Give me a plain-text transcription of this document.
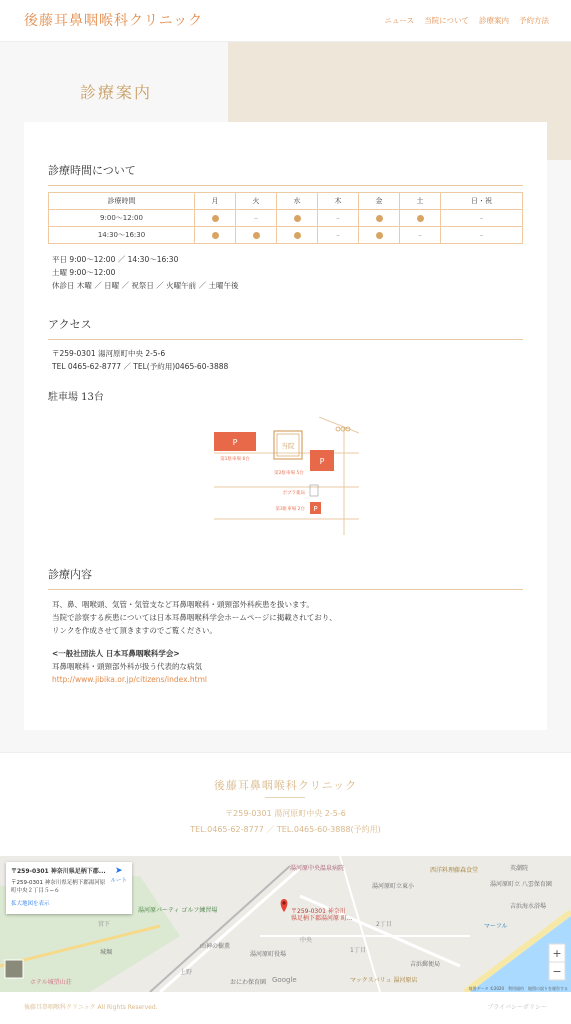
後藤耳鼻咽喉科クリニック	ニュース 当院について 診療案内 予約方法
診療案内
診療時間について
診療時間	月	火	水	木	金	土	日・祝
9:00〜12:00		–		–			–
14:30〜16:30				–		–	–
平日 9:00〜12:00 ／ 14:30〜16:30
土曜 9:00〜12:00
休診日 木曜 ／ 日曜 ／ 祝祭日 ／ 火曜午前 ／ 土曜午後
アクセス
〒259-0301 湯河原町中央 2-5-6
TEL 0465-62-8777 ／ TEL(予約用)0465-60-3888
駐車場 13台
P
第1駐車場 6台
当院
P
第2駐車場 5台
ポプラ薬局
P
第3駐車場 2台
診療内容
耳、鼻、咽喉頭、気管・気管支など耳鼻咽喉科・頭頸部外科疾患を扱います。
当院で診察する疾患については日本耳鼻咽喉科学会ホームページに掲載されており、
リンクを作成させて頂きますのでご覧ください。
<一般社団法人 日本耳鼻咽喉科学会>
耳鼻咽喉科・頭頸部外科が扱う代表的な病気
http://www.jibika.or.jp/citizens/index.html
後藤耳鼻咽喉科クリニック
〒259-0301 湯河原町中央 2-5-6
TEL.0465-62-8777 ／ TEL.0465-60-3888(予約用)
〒259-0301 神奈川
県足柄下郡湯河原 町...
湯河原中央温泉病院	西洋料理藤森食堂	英潮院
湯河原町立東小	湯河原町立 八雲保育園
湯河原パーティ ゴルフ練習場
山神の樹薫
湯河原町役場
吉浜海水浴場
マーフル
吉浜郵便局
マックスバリュ 湯河原店
ホテル城望山荘	おにわ保育園
城堀
中央
1丁目
2丁目
宮下
上野
Google
+
−
地図データ ©2020　利用規約　地図の誤りを報告する
〒259-0301 神奈川県足柄下郡...
〒259-0301 神奈川県足柄下郡湯河原
町中央２丁目５−６
拡大地図を表示
➤
ルート
後藤耳鼻咽喉科クリニック All Rights Reserved.	プライバシーポリシー
